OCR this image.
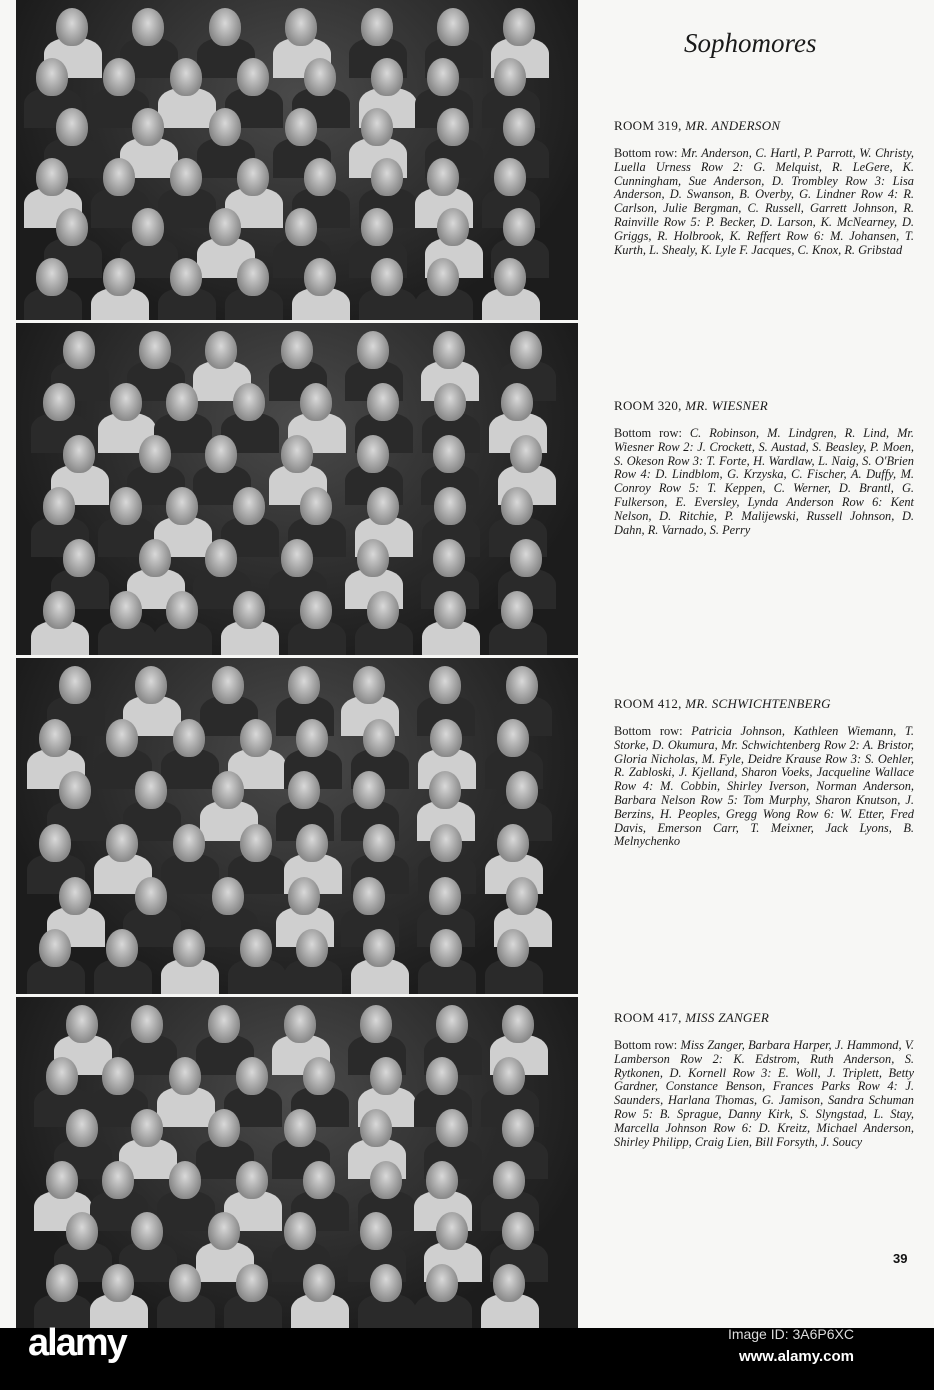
Sophomores
ROOM 319, MR. ANDERSON

Bottom row: Mr. Anderson, C. Hartl, P. Parrott, W. Christy, Luella Urness Row 2: G. Melquist, R. LeGere, K. Cunningham, Sue Anderson, D. Trombley Row 3: Lisa Anderson, D. Swanson, B. Overby, G. Lindner Row 4: R. Carlson, Julie Bergman, C. Russell, Garrett Johnson, R. Rainville Row 5: P. Becker, D. Larson, K. McNearney, D. Griggs, R. Holbrook, K. Reffert Row 6: M. Johansen, T. Kurth, L. Shealy, K. Lyle F. Jacques, C. Knox, R. Gribstad

ROOM 320, MR. WIESNER

Bottom row: C. Robinson, M. Lindgren, R. Lind, Mr. Wiesner Row 2: J. Crockett, S. Austad, S. Beasley, P. Moen, S. Okeson Row 3: T. Forte, H. Wardlaw, L. Naig, S. O'Brien Row 4: D. Lindblom, G. Krzyska, C. Fischer, A. Duffy, M. Conroy Row 5: T. Keppen, C. Werner, D. Brantl, G. Fulkerson, E. Eversley, Lynda Anderson Row 6: Kent Nelson, D. Ritchie, P. Malijewski, Russell Johnson, D. Dahn, R. Varnado, S. Perry

ROOM 412, MR. SCHWICHTENBERG

Bottom row: Patricia Johnson, Kathleen Wiemann, T. Storke, D. Okumura, Mr. Schwichtenberg Row 2: A. Bristor, Gloria Nicholas, M. Fyle, Deidre Krause Row 3: S. Oehler, R. Zabloski, J. Kjelland, Sharon Voeks, Jacqueline Wallace Row 4: M. Cobbin, Shirley Iverson, Norman Anderson, Barbara Nelson Row 5: Tom Murphy, Sharon Knutson, J. Berzins, H. Peoples, Gregg Wong Row 6: W. Etter, Fred Davis, Emerson Carr, T. Meixner, Jack Lyons, B. Melnychenko

ROOM 417, MISS ZANGER

Bottom row: Miss Zanger, Barbara Harper, J. Hammond, V. Lamberson Row 2: K. Edstrom, Ruth Anderson, S. Rytkonen, D. Kornell Row 3: E. Woll, J. Triplett, Betty Gardner, Constance Benson, Frances Parks Row 4: J. Saunders, Harlana Thomas, G. Jamison, Sandra Schuman Row 5: B. Sprague, Danny Kirk, S. Slyngstad, L. Stay, Marcella Johnson Row 6: D. Kreitz, Michael Anderson, Shirley Philipp, Craig Lien, Bill Forsyth, J. Soucy

39
alamy	Image ID: 3A6P6XC
www.alamy.com
